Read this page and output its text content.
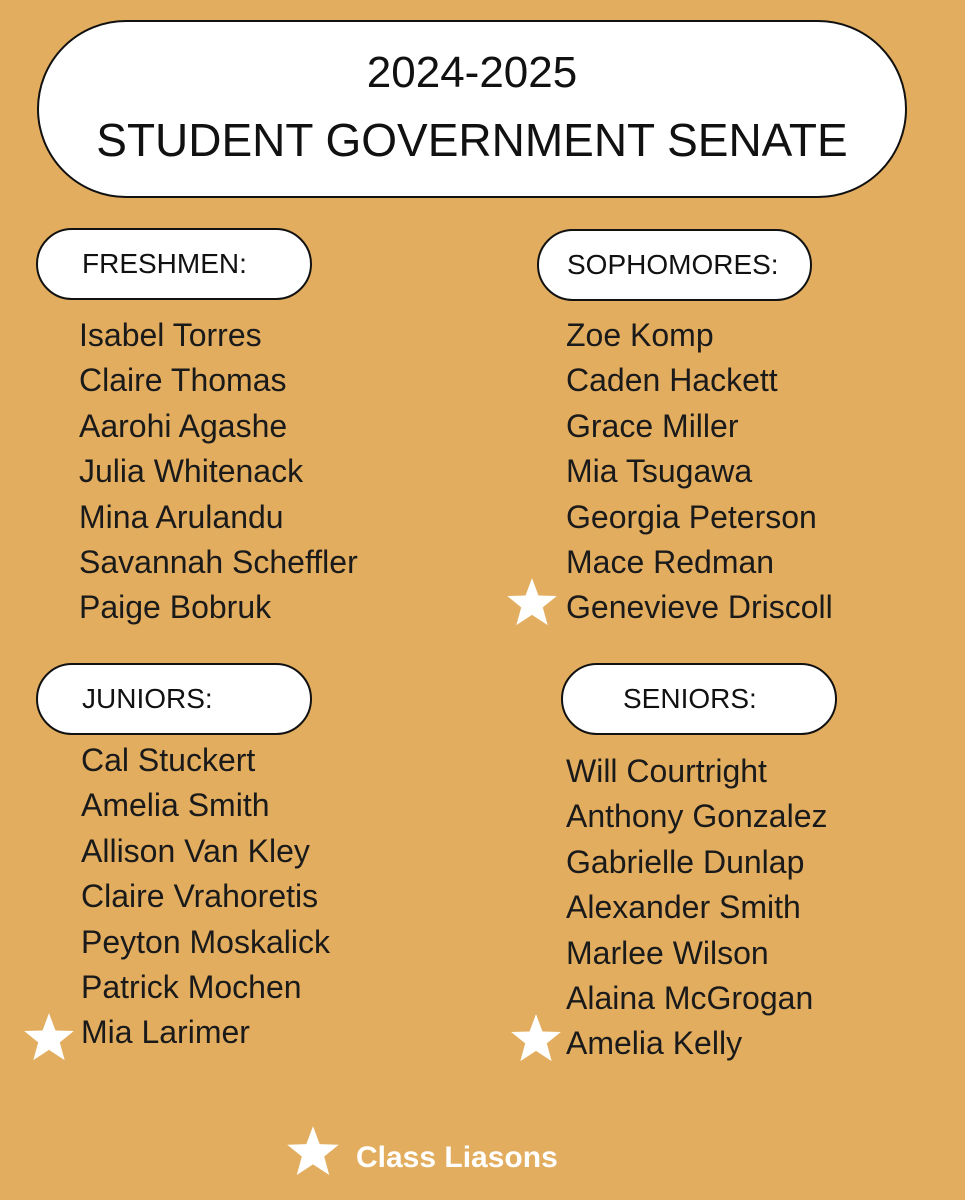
2024-2025
STUDENT GOVERNMENT SENATE
FRESHMEN:
Isabel Torres
Claire Thomas
Aarohi Agashe
Julia Whitenack
Mina Arulandu
Savannah Scheffler
Paige Bobruk
SOPHOMORES:
Zoe Komp
Caden Hackett
Grace Miller
Mia Tsugawa
Georgia Peterson
Mace Redman
Genevieve Driscoll
JUNIORS:
Cal Stuckert
Amelia Smith
Allison Van Kley
Claire Vrahoretis
Peyton Moskalick
Patrick Mochen
Mia Larimer
SENIORS:
Will Courtright
Anthony Gonzalez
Gabrielle Dunlap
Alexander Smith
Marlee Wilson
Alaina McGrogan
Amelia Kelly
Class Liasons
